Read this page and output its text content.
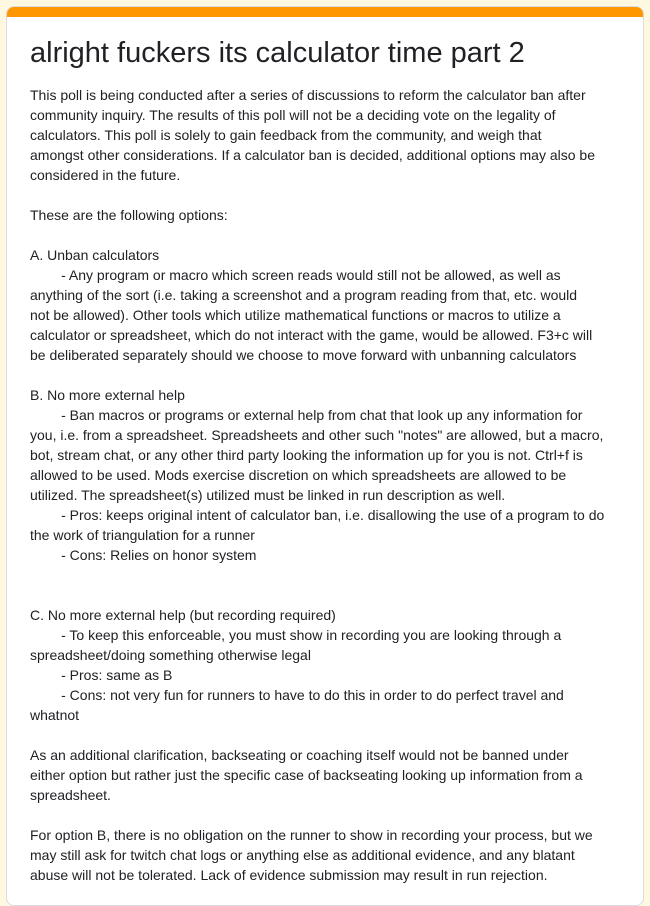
alright fuckers its calculator time part 2
This poll is being conducted after a series of discussions to reform the calculator ban after
community inquiry. The results of this poll will not be a deciding vote on the legality of
calculators. This poll is solely to gain feedback from the community, and weigh that
amongst other considerations. If a calculator ban is decided, additional options may also be
considered in the future.
These are the following options:
A. Unban calculators
- Any program or macro which screen reads would still not be allowed, as well as
anything of the sort (i.e. taking a screenshot and a program reading from that, etc. would
not be allowed). Other tools which utilize mathematical functions or macros to utilize a
calculator or spreadsheet, which do not interact with the game, would be allowed. F3+c will
be deliberated separately should we choose to move forward with unbanning calculators
B. No more external help
- Ban macros or programs or external help from chat that look up any information for
you, i.e. from a spreadsheet. Spreadsheets and other such "notes" are allowed, but a macro,
bot, stream chat, or any other third party looking the information up for you is not. Ctrl+f is
allowed to be used. Mods exercise discretion on which spreadsheets are allowed to be
utilized. The spreadsheet(s) utilized must be linked in run description as well.
- Pros: keeps original intent of calculator ban, i.e. disallowing the use of a program to do
the work of triangulation for a runner
- Cons: Relies on honor system
C. No more external help (but recording required)
- To keep this enforceable, you must show in recording you are looking through a
spreadsheet/doing something otherwise legal
- Pros: same as B
- Cons: not very fun for runners to have to do this in order to do perfect travel and
whatnot
As an additional clarification, backseating or coaching itself would not be banned under
either option but rather just the specific case of backseating looking up information from a
spreadsheet.
For option B, there is no obligation on the runner to show in recording your process, but we
may still ask for twitch chat logs or anything else as additional evidence, and any blatant
abuse will not be tolerated. Lack of evidence submission may result in run rejection.
